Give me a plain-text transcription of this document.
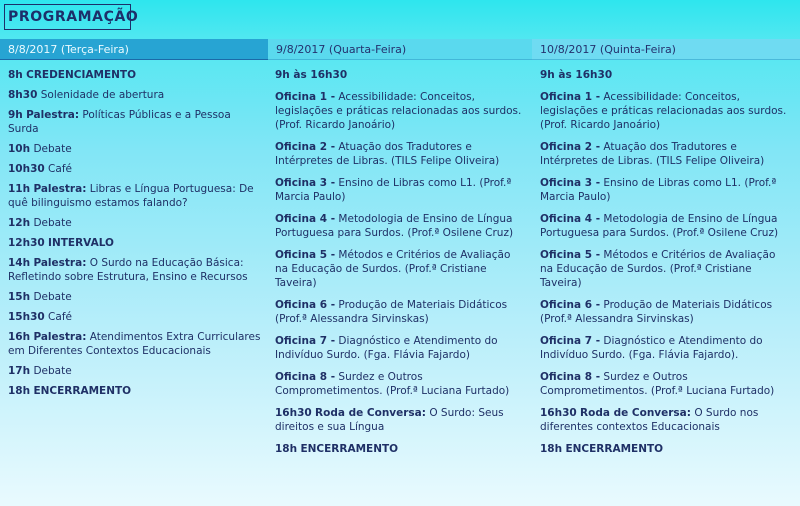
PROGRAMAÇÃO
8/8/2017 (Terça-Feira)	9/8/2017 (Quarta-Feira)	10/8/2017 (Quinta-Feira)
8h CREDENCIAMENTO
8h30 Solenidade de abertura
9h Palestra: Políticas Públicas e a Pessoa Surda
10h Debate
10h30 Café
11h Palestra: Libras e Língua Portuguesa: De quê bilinguismo estamos falando?
12h Debate
12h30 INTERVALO
14h Palestra: O Surdo na Educação Básica: Refletindo sobre Estrutura, Ensino e Recursos
15h Debate
15h30 Café
16h Palestra: Atendimentos Extra Curriculares em Diferentes Contextos Educacionais
17h Debate
18h ENCERRAMENTO
9h às 16h30
Oficina 1 - Acessibilidade: Conceitos, legislações e práticas relacionadas aos surdos. (Prof. Ricardo Janoário)
Oficina 2 - Atuação dos Tradutores e Intérpretes de Libras. (TILS Felipe Oliveira)
Oficina 3 - Ensino de Libras como L1. (Prof.ª Marcia Paulo)
Oficina 4 - Metodologia de Ensino de Língua Portuguesa para Surdos. (Prof.ª Osilene Cruz)
Oficina 5 - Métodos e Critérios de Avaliação na Educação de Surdos. (Prof.ª Cristiane Taveira)
Oficina 6 - Produção de Materiais Didáticos (Prof.ª Alessandra Sirvinskas)
Oficina 7 - Diagnóstico e Atendimento do Indivíduo Surdo. (Fga. Flávia Fajardo)
Oficina 8 - Surdez e Outros Comprometimentos. (Prof.ª Luciana Furtado)
16h30 Roda de Conversa: O Surdo: Seus direitos e sua Língua
18h ENCERRAMENTO
9h às 16h30
Oficina 1 - Acessibilidade: Conceitos, legislações e práticas relacionadas aos surdos. (Prof. Ricardo Janoário)
Oficina 2 - Atuação dos Tradutores e Intérpretes de Libras. (TILS Felipe Oliveira)
Oficina 3 - Ensino de Libras como L1. (Prof.ª Marcia Paulo)
Oficina 4 - Metodologia de Ensino de Língua Portuguesa para Surdos. (Prof.ª Osilene Cruz)
Oficina 5 - Métodos e Critérios de Avaliação na Educação de Surdos. (Prof.ª Cristiane Taveira)
Oficina 6 - Produção de Materiais Didáticos (Prof.ª Alessandra Sirvinskas)
Oficina 7 - Diagnóstico e Atendimento do Indivíduo Surdo. (Fga. Flávia Fajardo).
Oficina 8 - Surdez e Outros Comprometimentos. (Prof.ª Luciana Furtado)
16h30 Roda de Conversa: O Surdo nos diferentes contextos Educacionais
18h ENCERRAMENTO
